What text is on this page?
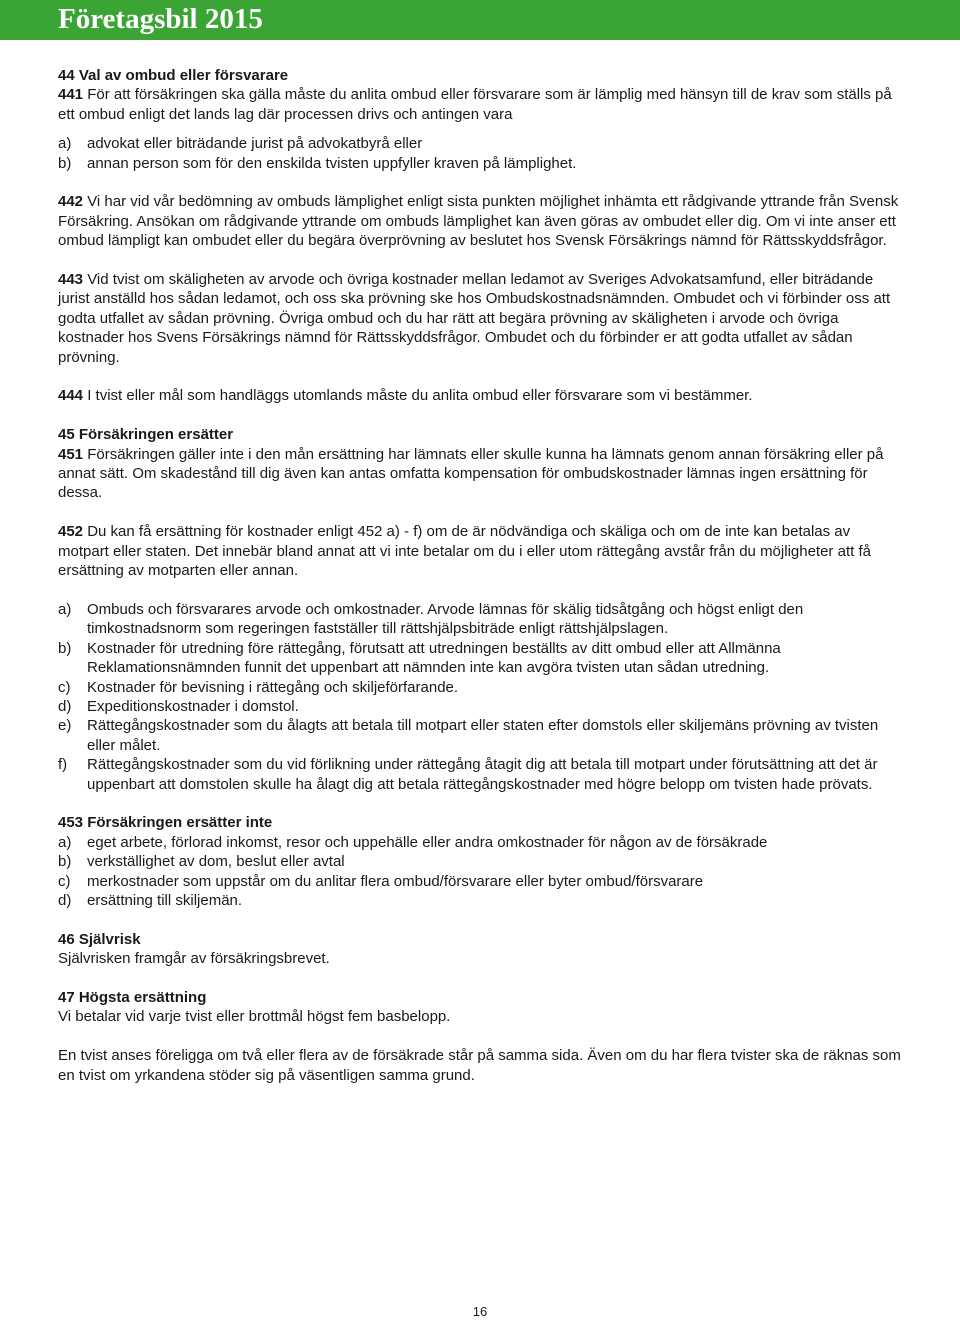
Företagsbil 2015

44 Val av ombud eller försvarare

441 För att försäkringen ska gälla måste du anlita ombud eller försvarare som är lämplig med hänsyn till de krav som ställs på ett ombud enligt det lands lag där processen drivs och antingen vara

a)	advokat eller biträdande jurist på advokatbyrå eller
b)	annan person som för den enskilda tvisten uppfyller kraven på lämplighet.

442 Vi har vid vår bedömning av ombuds lämplighet enligt sista punkten möjlighet inhämta ett rådgivande yttrande från Svensk Försäkring. Ansökan om rådgivande yttrande om ombuds lämplighet kan även göras av ombudet eller dig. Om vi inte anser ett ombud lämpligt kan ombudet eller du begära överprövning av beslutet hos Svensk Försäkrings nämnd för Rättsskyddsfrågor.

443 Vid tvist om skäligheten av arvode och övriga kostnader mellan ledamot av Sveriges Advokatsamfund, eller biträdande jurist anställd hos sådan ledamot, och oss ska prövning ske hos Ombudskostnadsnämnden. Ombudet och vi förbinder oss att godta utfallet av sådan prövning. Övriga ombud och du har rätt att begära prövning av skäligheten i arvode och övriga kostnader hos Svens Försäkrings nämnd för Rättsskyddsfrågor. Ombudet och du förbinder er att godta utfallet av sådan prövning.

444 I tvist eller mål som handläggs utomlands måste du anlita ombud eller försvarare som vi bestämmer.

45 Försäkringen ersätter

451 Försäkringen gäller inte i den mån ersättning har lämnats eller skulle kunna ha lämnats genom annan försäkring eller på annat sätt. Om skadestånd till dig även kan antas omfatta kompensation för ombudskostnader lämnas ingen ersättning för dessa.

452 Du kan få ersättning för kostnader enligt 452 a) - f) om de är nödvändiga och skäliga och om de inte kan betalas av motpart eller staten. Det innebär bland annat att vi inte betalar om du i eller utom rättegång avstår från du möjligheter att få ersättning av motparten eller annan.

a)	Ombuds och försvarares arvode och omkostnader. Arvode lämnas för skälig tidsåtgång och högst enligt den timkostnadsnorm som regeringen fastställer till rättshjälpsbiträde enligt rättshjälpslagen.
b)	Kostnader för utredning före rättegång, förutsatt att utredningen beställts av ditt ombud eller att Allmänna Reklamationsnämnden funnit det uppenbart att nämnden inte kan avgöra tvisten utan sådan utredning.
c)	Kostnader för bevisning i rättegång och skiljeförfarande.
d)	Expeditionskostnader i domstol.
e)	Rättegångskostnader som du ålagts att betala till motpart eller staten efter domstols eller skiljemäns prövning av tvisten eller målet.
f)	Rättegångskostnader som du vid förlikning under rättegång åtagit dig att betala till motpart under förutsättning att det är uppenbart att domstolen skulle ha ålagt dig att betala rättegångskostnader med högre belopp om tvisten hade prövats.

453 Försäkringen ersätter inte

a)	eget arbete, förlorad inkomst, resor och uppehälle eller andra omkostnader för någon av de försäkrade
b)	verkställighet av dom, beslut eller avtal
c)	merkostnader som uppstår om du anlitar flera ombud/försvarare eller byter ombud/försvarare
d)	ersättning till skiljemän.

46 Självrisk

Självrisken framgår av försäkringsbrevet.

47 Högsta ersättning

Vi betalar vid varje tvist eller brottmål högst fem basbelopp.

En tvist anses föreligga om två eller flera av de försäkrade står på samma sida. Även om du har flera tvister ska de räknas som en tvist om yrkandena stöder sig på väsentligen samma grund.

16
